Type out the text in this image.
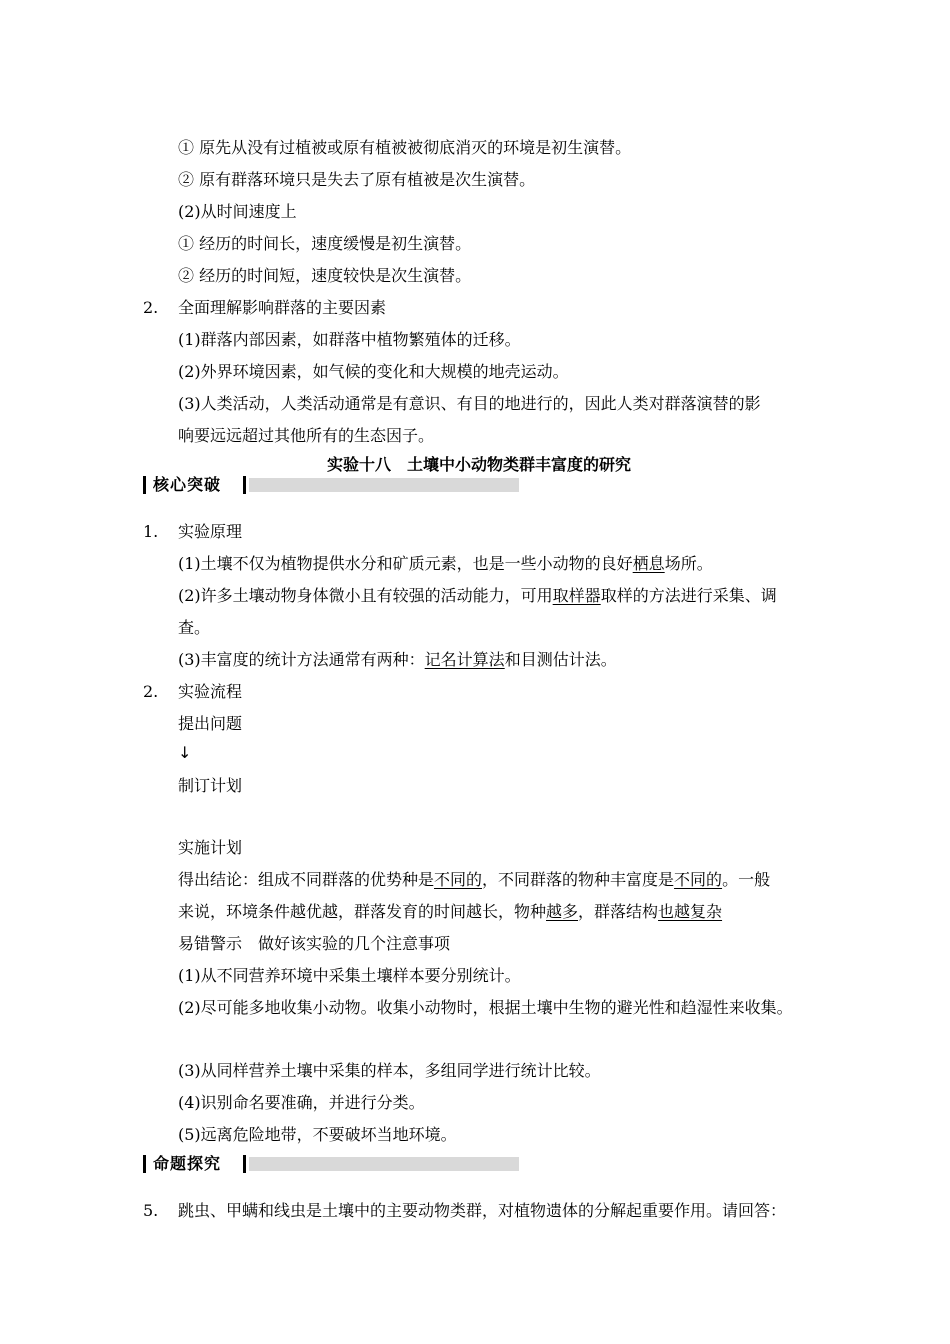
① 原先从没有过植被或原有植被被彻底消灭的环境是初生演替。
② 原有群落环境只是失去了原有植被是次生演替。
(2)从时间速度上
① 经历的时间长，速度缓慢是初生演替。
② 经历的时间短，速度较快是次生演替。
2. 全面理解影响群落的主要因素
(1)群落内部因素，如群落中植物繁殖体的迁移。
(2)外界环境因素，如气候的变化和大规模的地壳运动。
(3)人类活动，人类活动通常是有意识、有目的地进行的，因此人类对群落演替的影
响要远远超过其他所有的生态因子。
实验十八　土壤中小动物类群丰富度的研究
核心突破
1. 实验原理
(1)土壤不仅为植物提供水分和矿质元素，也是一些小动物的良好栖息场所。
(2)许多土壤动物身体微小且有较强的活动能力，可用取样器取样的方法进行采集、调
查。
(3)丰富度的统计方法通常有两种：记名计算法和目测估计法。
2. 实验流程
提出问题
↓
制订计划
实施计划
得出结论：组成不同群落的优势种是不同的，不同群落的物种丰富度是不同的。一般
来说，环境条件越优越，群落发育的时间越长，物种越多，群落结构也越复杂
易错警示　做好该实验的几个注意事项
(1)从不同营养环境中采集土壤样本要分别统计。
(2)尽可能多地收集小动物。收集小动物时，根据土壤中生物的避光性和趋湿性来收集。
(3)从同样营养土壤中采集的样本，多组同学进行统计比较。
(4)识别命名要准确，并进行分类。
(5)远离危险地带，不要破坏当地环境。
命题探究
5. 跳虫、甲螨和线虫是土壤中的主要动物类群，对植物遗体的分解起重要作用。请回答：
